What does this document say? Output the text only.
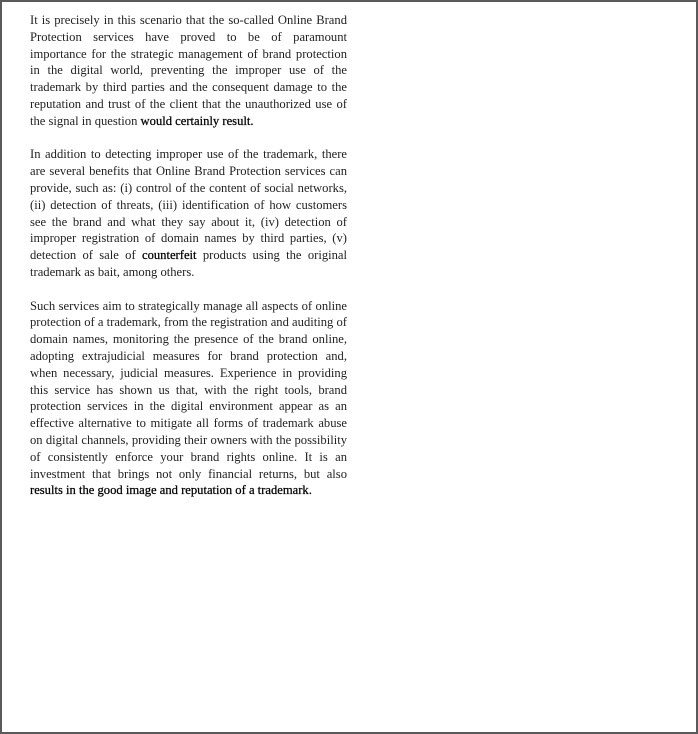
It is precisely in this scenario that the so-called Online Brand Protection services have proved to be of paramount importance for the strategic management of brand protection in the digital world, preventing the improper use of the trademark by third parties and the consequent damage to the reputation and trust of the client that the unauthorized use of the signal in question would certainly result.

In addition to detecting improper use of the trademark, there are several benefits that Online Brand Protection services can provide, such as: (i) control of the content of social networks, (ii) detection of threats, (iii) identification of how customers see the brand and what they say about it, (iv) detection of improper registration of domain names by third parties, (v) detection of sale of counterfeit products using the original trademark as bait, among others.

Such services aim to strategically manage all aspects of online protection of a trademark, from the registration and auditing of domain names, monitoring the presence of the brand online, adopting extrajudicial measures for brand protection and, when necessary, judicial measures. Experience in providing this service has shown us that, with the right tools, brand protection services in the digital environment appear as an effective alternative to mitigate all forms of trademark abuse on digital channels, providing their owners with the possibility of consistently enforce your brand rights online. It is an investment that brings not only financial returns, but also results in the good image and reputation of a trademark.
